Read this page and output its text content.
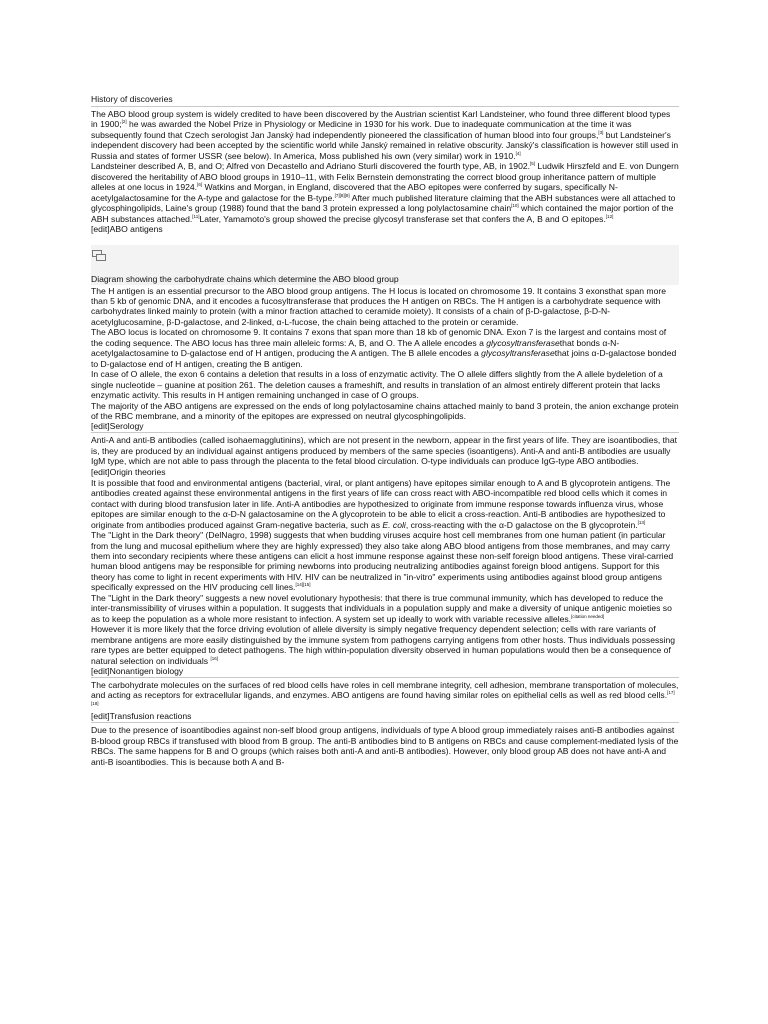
History of discoveries

The ABO blood group system is widely credited to have been discovered by the Austrian scientist Karl Landsteiner, who found three different blood types in 1900;[2] he was awarded the Nobel Prize in Physiology or Medicine in 1930 for his work. Due to inadequate communication at the time it was subsequently found that Czech serologist Jan Janský had independently pioneered the classification of human blood into four groups,[3] but Landsteiner's independent discovery had been accepted by the scientific world while Janský remained in relative obscurity. Janský's classification is however still used in Russia and states of former USSR (see below). In America, Moss published his own (very similar) work in 1910.[4]

Landsteiner described A, B, and O; Alfred von Decastello and Adriano Sturli discovered the fourth type, AB, in 1902.[5] Ludwik Hirszfeld and E. von Dungern discovered the heritability of ABO blood groups in 1910–11, with Felix Bernstein demonstrating the correct blood group inheritance pattern of multiple alleles at one locus in 1924.[6] Watkins and Morgan, in England, discovered that the ABO epitopes were conferred by sugars, specifically N-acetylgalactosamine for the A-type and galactose for the B-type.[7][8][9] After much published literature claiming that the ABH substances were all attached to glycosphingolipids, Laine's group (1988) found that the band 3 protein expressed a long polylactosamine chain[10] which contained the major portion of the ABH substances attached.[11]Later, Yamamoto's group showed the precise glycosyl transferase set that confers the A, B and O epitopes.[12]

[edit]ABO antigens
Diagram showing the carbohydrate chains which determine the ABO blood group

The H antigen is an essential precursor to the ABO blood group antigens. The H locus is located on chromosome 19. It contains 3 exonsthat span more than 5 kb of genomic DNA, and it encodes a fucosyltransferase that produces the H antigen on RBCs. The H antigen is a carbohydrate sequence with carbohydrates linked mainly to protein (with a minor fraction attached to ceramide moiety). It consists of a chain of β-D-galactose, β-D-N-acetylglucosamine, β-D-galactose, and 2-linked, α-L-fucose, the chain being attached to the protein or ceramide.

The ABO locus is located on chromosome 9. It contains 7 exons that span more than 18 kb of genomic DNA. Exon 7 is the largest and contains most of the coding sequence. The ABO locus has three main alleleic forms: A, B, and O. The A allele encodes a glycosyltransferasethat bonds α-N-acetylgalactosamine to D-galactose end of H antigen, producing the A antigen. The B allele encodes a glycosyltransferasethat joins α-D-galactose bonded to D-galactose end of H antigen, creating the B antigen.

In case of O allele, the exon 6 contains a deletion that results in a loss of enzymatic activity. The O allele differs slightly from the A allele bydeletion of a single nucleotide – guanine at position 261. The deletion causes a frameshift, and results in translation of an almost entirely different protein that lacks enzymatic activity. This results in H antigen remaining unchanged in case of O groups.

The majority of the ABO antigens are expressed on the ends of long polylactosamine chains attached mainly to band 3 protein, the anion exchange protein of the RBC membrane, and a minority of the epitopes are expressed on neutral glycosphingolipids.

[edit]Serology

Anti-A and anti-B antibodies (called isohaemagglutinins), which are not present in the newborn, appear in the first years of life. They are isoantibodies, that is, they are produced by an individual against antigens produced by members of the same species (isoantigens). Anti-A and anti-B antibodies are usually IgM type, which are not able to pass through the placenta to the fetal blood circulation. O-type individuals can produce IgG-type ABO antibodies.

[edit]Origin theories

It is possible that food and environmental antigens (bacterial, viral, or plant antigens) have epitopes similar enough to A and B glycoprotein antigens. The antibodies created against these environmental antigens in the first years of life can cross react with ABO-incompatible red blood cells which it comes in contact with during blood transfusion later in life. Anti-A antibodies are hypothesized to originate from immune response towards influenza virus, whose epitopes are similar enough to the α-D-N galactosamine on the A glycoprotein to be able to elicit a cross-reaction. Anti-B antibodies are hypothesized to originate from antibodies produced against Gram-negative bacteria, such as E. coli, cross-reacting with the α-D galactose on the B glycoprotein.[13]

The "Light in the Dark theory" (DelNagro, 1998) suggests that when budding viruses acquire host cell membranes from one human patient (in particular from the lung and mucosal epithelium where they are highly expressed) they also take along ABO blood antigens from those membranes, and may carry them into secondary recipients where these antigens can elicit a host immune response against these non-self foreign blood antigens. These viral-carried human blood antigens may be responsible for priming newborns into producing neutralizing antibodies against foreign blood antigens. Support for this theory has come to light in recent experiments with HIV. HIV can be neutralized in "in-vitro" experiments using antibodies against blood group antigens specifically expressed on the HIV producing cell lines.[14][15]

The "Light in the Dark theory" suggests a new novel evolutionary hypothesis: that there is true communal immunity, which has developed to reduce the inter-transmissibility of viruses within a population. It suggests that individuals in a population supply and make a diversity of unique antigenic moieties so as to keep the population as a whole more resistant to infection. A system set up ideally to work with variable recessive alleles.[citation needed]

However it is more likely that the force driving evolution of allele diversity is simply negative frequency dependent selection; cells with rare variants of membrane antigens are more easily distinguished by the immune system from pathogens carrying antigens from other hosts. Thus individuals possessing rare types are better equipped to detect pathogens. The high within-population diversity observed in human populations would then be a consequence of natural selection on individuals [16]

[edit]Nonantigen biology

The carbohydrate molecules on the surfaces of red blood cells have roles in cell membrane integrity, cell adhesion, membrane transportation of molecules, and acting as receptors for extracellular ligands, and enzymes. ABO antigens are found having similar roles on epithelial cells as well as red blood cells.[17][18]

[edit]Transfusion reactions

Due to the presence of isoantibodies against non-self blood group antigens, individuals of type A blood group immediately raises anti-B antibodies against B-blood group RBCs if transfused with blood from B group. The anti-B antibodies bind to B antigens on RBCs and cause complement-mediated lysis of the RBCs. The same happens for B and O groups (which raises both anti-A and anti-B antibodies). However, only blood group AB does not have anti-A and anti-B isoantibodies. This is because both A and B-
